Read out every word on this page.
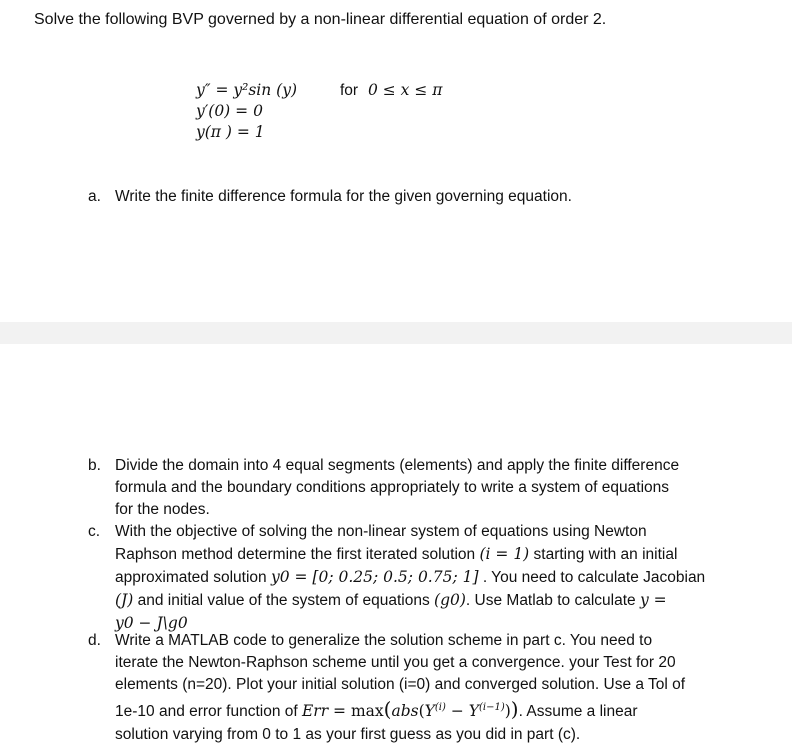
Solve the following BVP governed by a non-linear differential equation of order 2.
y″ = y²sin (y)
y′(0) = 0
y(π ) = 1
for 0 ≤ x ≤ π
a. Write the finite difference formula for the given governing equation.
b. Divide the domain into 4 equal segments (elements) and apply the finite difference
formula and the boundary conditions appropriately to write a system of equations
for the nodes.
c. With the objective of solving the non-linear system of equations using Newton
Raphson method determine the first iterated solution (i = 1) starting with an initial
approximated solution y0 = [0; 0.25; 0.5; 0.75; 1] . You need to calculate Jacobian
(J) and initial value of the system of equations (g0). Use Matlab to calculate y =
y0 − J\g0
d. Write a MATLAB code to generalize the solution scheme in part c. You need to
iterate the Newton-Raphson scheme until you get a convergence. your Test for 20
elements (n=20). Plot your initial solution (i=0) and converged solution. Use a Tol of
1e-10 and error function of Err = $\max(abs(Y^{(i)} - Y^{(i-1)}))$. Assume a linear
solution varying from 0 to 1 as your first guess as you did in part (c).
